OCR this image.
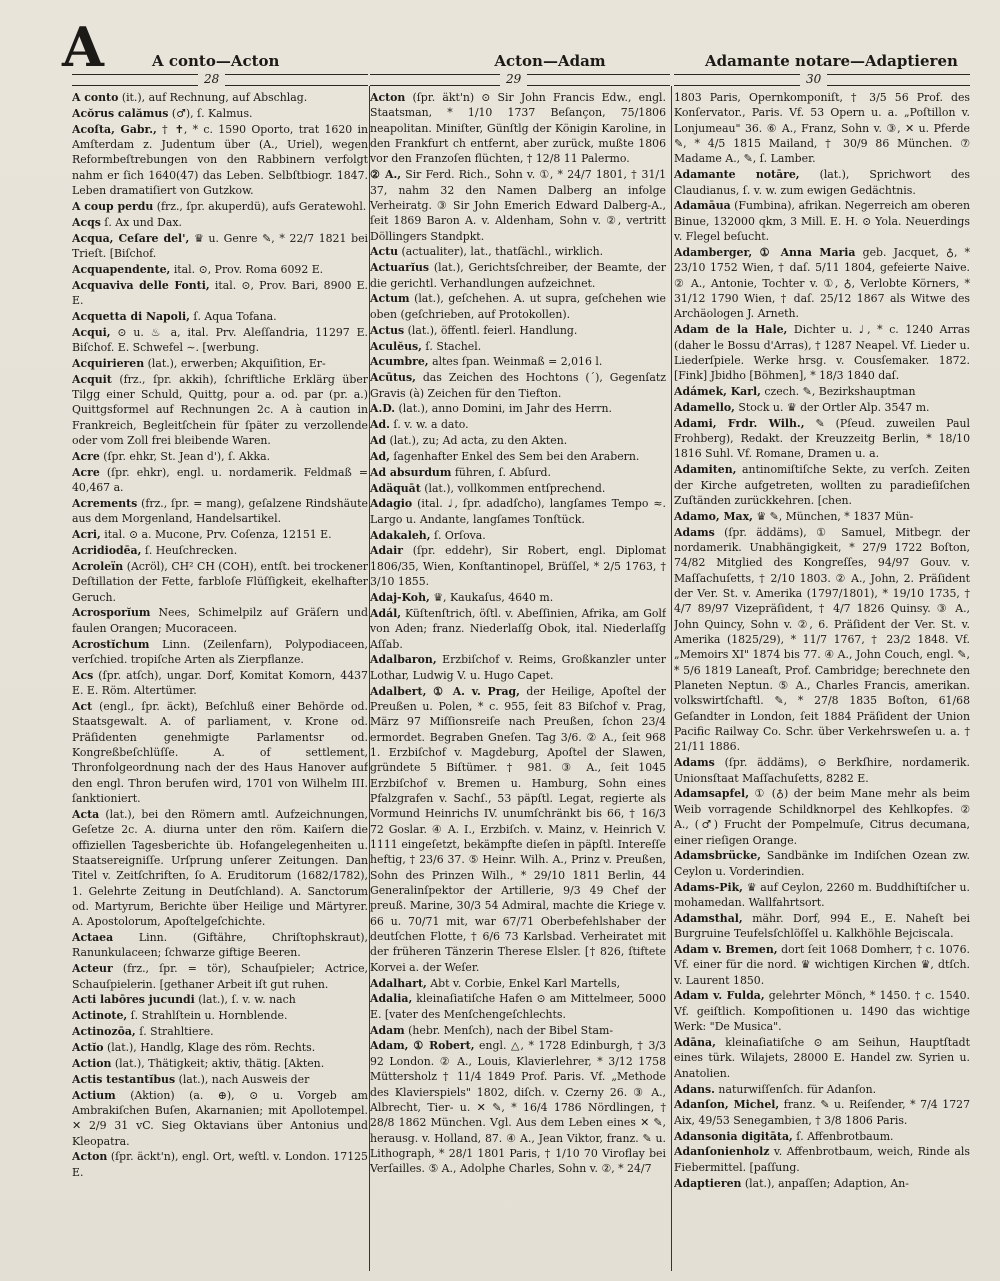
A	A conto—Acton	Acton—Adam	Adamante notare—Adaptieren
28	29	30
A conto (it.), auf Rechnung, auf Abschlag.
Acŏrus calămus (♂), ſ. Kalmus.
Acoſta, Gabr., † ✝, * c. 1590 Oporto, trat 1620 in Amſterdam z. Judentum über (A., Uriel), wegen Reformbeſtrebungen von den Rabbinern verfolgt nahm er ſich 1640(47) das Leben. Selbſtbiogr. 1847. Leben dramatiſiert von Gutzkow.
A coup perdu (frz., ſpr. akuperdü), aufs Geratewohl.
Acqs ſ. Ax und Dax.
Acqua, Ceſare del', ♛ u. Genre ✎, * 22/7 1821 bei Trieſt. [Biſchof.
Acquapendente, ital. ⊙, Prov. Roma 6092 E.
Acquaviva delle Fonti, ital. ⊙, Prov. Bari, 8900 E. E.
Acquetta di Napoli, ſ. Aqua Tofana.
Acqui, ⊙ u. ♨ a, ital. Prv. Aleſſandria, 11297 E. Biſchof. E. Schwefel ∼. [werbung.
Acquirieren (lat.), erwerben; Akquiſition, Er-
Acquit (frz., ſpr. akkih), ſchriftliche Erklärg über Tilgg einer Schuld, Quittg, pour a. od. par (pr. a.) Quittgsformel auf Rechnungen 2c. A à caution in Frankreich, Begleitſchein für ſpäter zu verzollende oder vom Zoll frei bleibende Waren.
Acre (ſpr. ehkr, St. Jean d'), ſ. Akka.
Acre (ſpr. ehkr), engl. u. nordamerik. Feldmaß = 40,467 a.
Acrements (frz., ſpr. = mang), geſalzene Rindshäute aus dem Morgenland, Handelsartikel.
Acri, ital. ⊙ a. Mucone, Prv. Coſenza, 12151 E.
Acridiodēa, ſ. Heuſchrecken.
Acroleïn (Acröl), CH² CH (COH), entſt. bei trockener Deſtillation der Fette, farbloſe Flüſſigkeit, ekelhafter Geruch.
Acrosporĭum Nees, Schimelpilz auf Gräſern und faulen Orangen; Mucoraceen.
Acrostĭchum Linn. (Zeilenfarn), Polypodiaceen, verſchied. tropiſche Arten als Zierpflanze.
Acs (ſpr. atſch), ungar. Dorf, Komitat Komorn, 4437 E. E. Röm. Altertümer.
Act (engl., ſpr. äckt), Beſchluß einer Behörde od. Staatsgewalt. A. of parliament, v. Krone od. Präſidenten genehmigte Parlamentsr od. Kongreßbeſchlüſſe. A. of settlement, Thronfolgeordnung nach der des Haus Hanover auf den engl. Thron berufen wird, 1701 von Wilhelm III. ſanktioniert.
Acta (lat.), bei den Römern amtl. Aufzeichnungen, Geſetze 2c. A. diurna unter den röm. Kaiſern die offiziellen Tagesberichte üb. Hofangelegenheiten u. Staatsereigniſſe. Urſprung unſerer Zeitungen. Dan Titel v. Zeitſchriften, ſo A. Eruditorum (1682/1782), 1. Gelehrte Zeitung in Deutſchland). A. Sanctorum od. Martyrum, Berichte über Heilige und Märtyrer. A. Apostolorum, Apoſtelgeſchichte.
Actaea Linn. (Giftähre, Chriſtophskraut), Ranunkulaceen; ſchwarze giftige Beeren.
Acteur (frz., ſpr. = tör), Schauſpieler; Actrice, Schauſpielerin. [gethaner Arbeit iſt gut ruhen.
Acti labōres jucundi (lat.), ſ. v. w. nach
Actinote, ſ. Strahlſtein u. Hornblende.
Actinozōa, ſ. Strahltiere.
Actĭo (lat.), Handlg, Klage des röm. Rechts.
Action (lat.), Thätigkeit; aktiv, thätig. [Akten.
Actis testantĭbus (lat.), nach Ausweis der
Actium (Aktion) (a. ⊕), ⊙ u. Vorgeb am Ambrakiſchen Buſen, Akarnanien; mit Apollotempel. ✕ 2/9 31 vC. Sieg Oktavians über Antonius und Kleopatra.
Acton (ſpr. äckt'n), engl. Ort, weſtl. v. London. 17125 E.
Acton (ſpr. äkt'n) ⊙ Sir John Francis Edw., engl. Staatsman, * 1/10 1737 Beſançon, 75/1806 neapolitan. Miniſter, Günſtlg der Königin Karoline, in den Frankfurt ch entfernt, aber zurück, mußte 1806 vor den Franzoſen flüchten, † 12/8 11 Palermo.
② A., Sir Ferd. Rich., Sohn v. ①, * 24/7 1801, † 31/1 37, nahm 32 den Namen Dalberg an infolge Verheiratg. ③ Sir John Emerich Edward Dalberg-A., ſeit 1869 Baron A. v. Aldenham, Sohn v. ②, vertritt Döllingers Standpkt.
Actu (actualiter), lat., thatſächl., wirklich.
Actuarĭus (lat.), Gerichtsſchreiber, der Beamte, der die gerichtl. Verhandlungen aufzeichnet.
Actum (lat.), geſchehen. A. ut supra, geſchehen wie oben (geſchrieben, auf Protokollen).
Actus (lat.), öffentl. feierl. Handlung.
Aculĕus, ſ. Stachel.
Acumbre, altes ſpan. Weinmaß = 2,016 l.
Acūtus, das Zeichen des Hochtons (´), Gegenſatz Gravis (à) Zeichen für den Tiefton.
A.D. (lat.), anno Domini, im Jahr des Herrn.
Ad. ſ. v. w. a dato.
Ad (lat.), zu; Ad acta, zu den Akten.
Ad, ſagenhafter Enkel des Sem bei den Arabern.
Ad absurdum führen, ſ. Abſurd.
Adäquāt (lat.), vollkommen entſprechend.
Adagio (ital. ♩, ſpr. adadſcho), langſames Tempo ≈. Largo u. Andante, langſames Tonſtück.
Adakaleh, ſ. Orſova.
Adair (ſpr. eddehr), Sir Robert, engl. Diplomat 1806/35, Wien, Konſtantinopel, Brüſſel, * 2/5 1763, † 3/10 1855.
Adaj-Koh, ♛, Kaukaſus, 4640 m.
Adál, Küſtenſtrich, öſtl. v. Abeſſinien, Afrika, am Golf von Aden; franz. Niederlaſſg Obok, ital. Niederlaſſg Aſſab.
Adalbaron, Erzbiſchof v. Reims, Großkanzler unter Lothar, Ludwig V. u. Hugo Capet.
Adalbert, ① A. v. Prag, der Heilige, Apoſtel der Preußen u. Polen, * c. 955, ſeit 83 Biſchof v. Prag, März 97 Miſſionsreiſe nach Preußen, ſchon 23/4 ermordet. Begraben Gneſen. Tag 3/6. ② A., ſeit 968 1. Erzbiſchof v. Magdeburg, Apoſtel der Slawen, gründete 5 Biſtümer. † 981. ③ A., ſeit 1045 Erzbiſchof v. Bremen u. Hamburg, Sohn eines Pfalzgrafen v. Sachſ., 53 päpſtl. Legat, regierte als Vormund Heinrichs IV. unumſchränkt bis 66, † 16/3 72 Goslar. ④ A. I., Erzbiſch. v. Mainz, v. Heinrich V. 1111 eingeſetzt, bekämpfte dieſen in päpſtl. Intereſſe heftig, † 23/6 37. ⑤ Heinr. Wilh. A., Prinz v. Preußen, Sohn des Prinzen Wilh., * 29/10 1811 Berlin, 44 Generalinſpektor der Artillerie, 9/3 49 Chef der preuß. Marine, 30/3 54 Admiral, machte die Kriege v. 66 u. 70/71 mit, war 67/71 Oberbefehlshaber der deutſchen Flotte, † 6/6 73 Karlsbad. Verheiratet mit der früheren Tänzerin Therese Elsler. [† 826, ſtiftete Korvei a. der Weſer.
Adalhart, Abt v. Corbie, Enkel Karl Martells,
Adalia, kleinaſiatiſche Hafen ⊙ am Mittelmeer, 5000 E. [vater des Menſchengeſchlechts.
Adam (hebr. Menſch), nach der Bibel Stam-
Adam, ① Robert, engl. △, * 1728 Edinburgh, † 3/3 92 London. ② A., Louis, Klavierlehrer, * 3/12 1758 Müttersholz † 11/4 1849 Prof. Paris. Vf. „Methode des Klavierspiels" 1802, diſch. v. Czerny 26. ③ A., Albrecht, Tier- u. ✕ ✎, * 16/4 1786 Nördlingen, † 28/8 1862 München. Vgl. Aus dem Leben eines ✕ ✎, herausg. v. Holland, 87. ④ A., Jean Viktor, franz. ✎ u. Lithograph, * 28/1 1801 Paris, † 1/10 70 Viroflay bei Verſailles. ⑤ A., Adolphe Charles, Sohn v. ②, * 24/7
1803 Paris, Opernkomponiſt, † 3/5 56 Prof. des Konſervator., Paris. Vf. 53 Opern u. a. „Poſtillon v. Lonjumeau" 36. ⑥ A., Franz, Sohn v. ③, ✕ u. Pferde ✎, * 4/5 1815 Mailand, † 30/9 86 München. ⑦ Madame A., ✎, ſ. Lamber.
Adamante notāre, (lat.), Sprichwort des Claudianus, ſ. v. w. zum ewigen Gedächtnis.
Adamāua (Fumbina), afrikan. Negerreich am oberen Binue, 132000 qkm, 3 Mill. E. H. ⊙ Yola. Neuerdings v. Flegel beſucht.
Adamberger, ① Anna Maria geb. Jacquet, ♁, * 23/10 1752 Wien, † daſ. 5/11 1804, gefeierte Naive. ② A., Antonie, Tochter v. ①, ♁, Verlobte Körners, * 31/12 1790 Wien, † daſ. 25/12 1867 als Witwe des Archäologen J. Arneth.
Adam de la Hale, Dichter u. ♩, * c. 1240 Arras (daher le Bossu d'Arras), † 1287 Neapel. Vf. Lieder u. Liederſpiele. Werke hrsg. v. Cousſemaker. 1872. [Fink] Jbidho [Böhmen], * 18/3 1840 daſ.
Adámek, Karl, czech. ✎, Bezirkshauptman
Adamello, Stock u. ♛ der Ortler Alp. 3547 m.
Adami, Frdr. Wilh., ✎ (Pſeud. zuweilen Paul Frohberg), Redakt. der Kreuzzeitg Berlin, * 18/10 1816 Suhl. Vf. Romane, Dramen u. a.
Adamiten, antinomiſtiſche Sekte, zu verſch. Zeiten der Kirche aufgetreten, wollten zu paradieſiſchen Zuſtänden zurückkehren. [chen.
Adamo, Max, ♛ ✎, München, * 1837 Mün-
Adams (ſpr. äddäms), ① Samuel, Mitbegr. der nordamerik. Unabhängigkeit, * 27/9 1722 Boſton, 74/82 Mitglied des Kongreſſes, 94/97 Gouv. v. Maſſachuſetts, † 2/10 1803. ② A., John, 2. Präſident der Ver. St. v. Amerika (1797/1801), * 19/10 1735, † 4/7 89/97 Vizepräſident, † 4/7 1826 Quinsy. ③ A., John Quincy, Sohn v. ②, 6. Präſident der Ver. St. v. Amerika (1825/29), * 11/7 1767, † 23/2 1848. Vf. „Memoirs XI" 1874 bis 77. ④ A., John Couch, engl. ✎, * 5/6 1819 Laneaſt, Prof. Cambridge; berechnete den Planeten Neptun. ⑤ A., Charles Francis, amerikan. volkswirtſchaftl. ✎, * 27/8 1835 Boſton, 61/68 Geſandter in London, ſeit 1884 Präſident der Union Pacific Railway Co. Schr. über Verkehrsweſen u. a. † 21/11 1886.
Adams (ſpr. äddäms), ⊙ Berkſhire, nordamerik. Unionsſtaat Maſſachuſetts, 8282 E.
Adamsapfel, ① (♁) der beim Mane mehr als beim Weib vorragende Schildknorpel des Kehlkopfes. ② A., (♂) Frucht der Pompelmuſe, Citrus decumana, einer rieſigen Orange.
Adamsbrücke, Sandbänke im Indiſchen Ozean zw. Ceylon u. Vorderindien.
Adams-Pik, ♛ auf Ceylon, 2260 m. Buddhiſtiſcher u. mohamedan. Wallfahrtsort.
Adamsthal, mähr. Dorf, 994 E., E. Naheſt bei Burgruine Teufelsſchlöſſel u. Kalkhöhle Bejciscala.
Adam v. Bremen, dort ſeit 1068 Domherr, † c. 1076. Vf. einer für die nord. ♛ wichtigen Kirchen ♛, dtſch. v. Laurent 1850.
Adam v. Fulda, gelehrter Mönch, * 1450. † c. 1540. Vf. geiſtlich. Kompoſitionen u. 1490 das wichtige Werk: "De Musica".
Adāna, kleinaſiatiſche ⊙ am Seihun, Hauptſtadt eines türk. Wilajets, 28000 E. Handel zw. Syrien u. Anatolien.
Adans. naturwiſſenſch. für Adanſon.
Adanſon, Michel, franz. ✎ u. Reiſender, * 7/4 1727 Aix, 49/53 Senegambien, † 3/8 1806 Paris.
Adansonia digitāta, ſ. Affenbrotbaum.
Adanſonienholz v. Affenbrotbaum, weich, Rinde als Fiebermittel. [paſſung.
Adaptieren (lat.), anpaſſen; Adaption, An-
